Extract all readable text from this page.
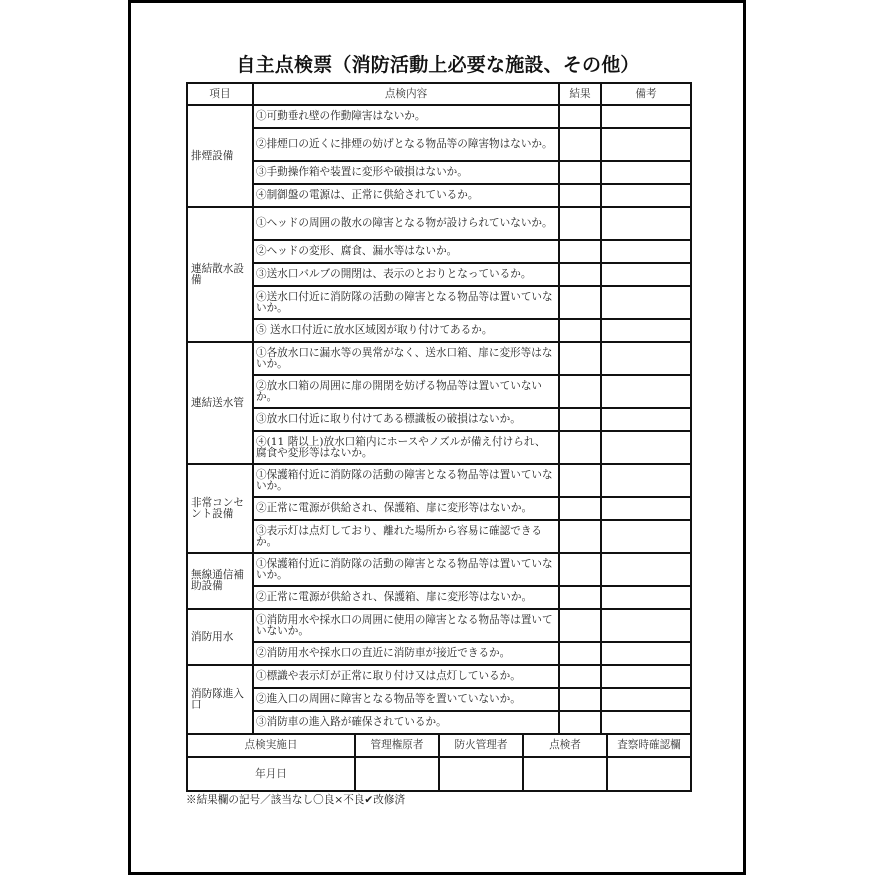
自主点検票（消防活動上必要な施設、その他）
項目	点検内容	結果	備考
排煙設備	①可動垂れ壁の作動障害はないか。		
	②排煙口の近くに排煙の妨げとなる物品等の障害物はないか。		
	③手動操作箱や装置に変形や破損はないか。		
	④制御盤の電源は、正常に供給されているか。		
連結散水設備	①ヘッドの周囲の散水の障害となる物が設けられていないか。		
	②ヘッドの変形、腐食、漏水等はないか。		
	③送水口バルブの開閉は、表示のとおりとなっているか。		
	④送水口付近に消防隊の活動の障害となる物品等は置いていないか。		
	⑤ 送水口付近に放水区域図が取り付けてあるか。		
連結送水管	①各放水口に漏水等の異常がなく、送水口箱、扉に変形等はないか。		
	②放水口箱の周囲に扉の開閉を妨げる物品等は置いていないか。		
	③放水口付近に取り付けてある標識板の破損はないか。		
	④(11 階以上)放水口箱内にホースやノズルが備え付けられ、腐食や変形等はないか。		
非常コンセント設備	①保護箱付近に消防隊の活動の障害となる物品等は置いていないか。		
	②正常に電源が供給され、保護箱、扉に変形等はないか。		
	③表示灯は点灯しており、離れた場所から容易に確認できるか。		
無線通信補助設備	①保護箱付近に消防隊の活動の障害となる物品等は置いていないか。		
	②正常に電源が供給され、保護箱、扉に変形等はないか。		
消防用水	①消防用水や採水口の周囲に使用の障害となる物品等は置いていないか。		
	②消防用水や採水口の直近に消防車が接近できるか。		
消防隊進入口	①標識や表示灯が正常に取り付け又は点灯しているか。		
	②進入口の周囲に障害となる物品等を置いていないか。		
	③消防車の進入路が確保されているか。		
点検実施日	管理権原者	防火管理者	点検者	査察時確認欄
年月日				
※結果欄の記号／該当なし〇良×不良✔改修済
